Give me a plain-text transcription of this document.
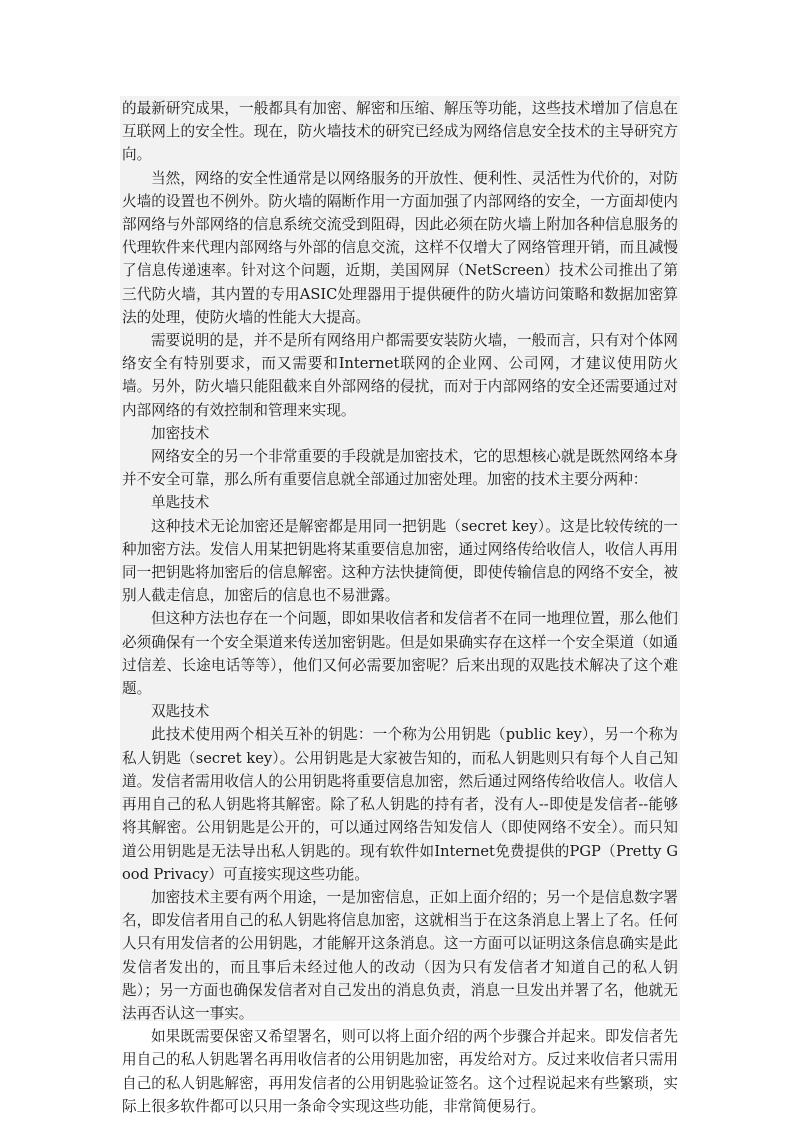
的最新研究成果，一般都具有加密、解密和压缩、解压等功能，这些技术增加了信息在互联网上的安全性。现在，防火墙技术的研究已经成为网络信息安全技术的主导研究方向。

当然，网络的安全性通常是以网络服务的开放性、便利性、灵活性为代价的，对防火墙的设置也不例外。防火墙的隔断作用一方面加强了内部网络的安全，一方面却使内部网络与外部网络的信息系统交流受到阻碍，因此必须在防火墙上附加各种信息服务的代理软件来代理内部网络与外部的信息交流，这样不仅增大了网络管理开销，而且减慢了信息传递速率。针对这个问题，近期，美国网屏（NetScreen）技术公司推出了第三代防火墙，其内置的专用ASIC处理器用于提供硬件的防火墙访问策略和数据加密算法的处理，使防火墙的性能大大提高。

需要说明的是，并不是所有网络用户都需要安装防火墙，一般而言，只有对个体网络安全有特别要求，而又需要和Internet联网的企业网、公司网，才建议使用防火墙。另外，防火墙只能阻截来自外部网络的侵扰，而对于内部网络的安全还需要通过对内部网络的有效控制和管理来实现。

加密技术

网络安全的另一个非常重要的手段就是加密技术，它的思想核心就是既然网络本身并不安全可靠，那么所有重要信息就全部通过加密处理。加密的技术主要分两种：

单匙技术

这种技术无论加密还是解密都是用同一把钥匙（secret key）。这是比较传统的一种加密方法。发信人用某把钥匙将某重要信息加密，通过网络传给收信人，收信人再用同一把钥匙将加密后的信息解密。这种方法快捷简便，即使传输信息的网络不安全，被别人截走信息，加密后的信息也不易泄露。

但这种方法也存在一个问题，即如果收信者和发信者不在同一地理位置，那么他们必须确保有一个安全渠道来传送加密钥匙。但是如果确实存在这样一个安全渠道（如通过信差、长途电话等等），他们又何必需要加密呢？后来出现的双匙技术解决了这个难题。

双匙技术

此技术使用两个相关互补的钥匙：一个称为公用钥匙（public key），另一个称为私人钥匙（secret key）。公用钥匙是大家被告知的，而私人钥匙则只有每个人自己知道。发信者需用收信人的公用钥匙将重要信息加密，然后通过网络传给收信人。收信人再用自己的私人钥匙将其解密。除了私人钥匙的持有者，没有人--即使是发信者--能够将其解密。公用钥匙是公开的，可以通过网络告知发信人（即使网络不安全）。而只知道公用钥匙是无法导出私人钥匙的。现有软件如Internet免费提供的PGP（Pretty Good Privacy）可直接实现这些功能。

加密技术主要有两个用途，一是加密信息，正如上面介绍的；另一个是信息数字署名，即发信者用自己的私人钥匙将信息加密，这就相当于在这条消息上署上了名。任何人只有用发信者的公用钥匙，才能解开这条消息。这一方面可以证明这条信息确实是此发信者发出的，而且事后未经过他人的改动（因为只有发信者才知道自己的私人钥匙）；另一方面也确保发信者对自己发出的消息负责，消息一旦发出并署了名，他就无法再否认这一事实。

如果既需要保密又希望署名，则可以将上面介绍的两个步骤合并起来。即发信者先用自己的私人钥匙署名再用收信者的公用钥匙加密，再发给对方。反过来收信者只需用自己的私人钥匙解密，再用发信者的公用钥匙验证签名。这个过程说起来有些繁琐，实际上很多软件都可以只用一条命令实现这些功能，非常简便易行。
